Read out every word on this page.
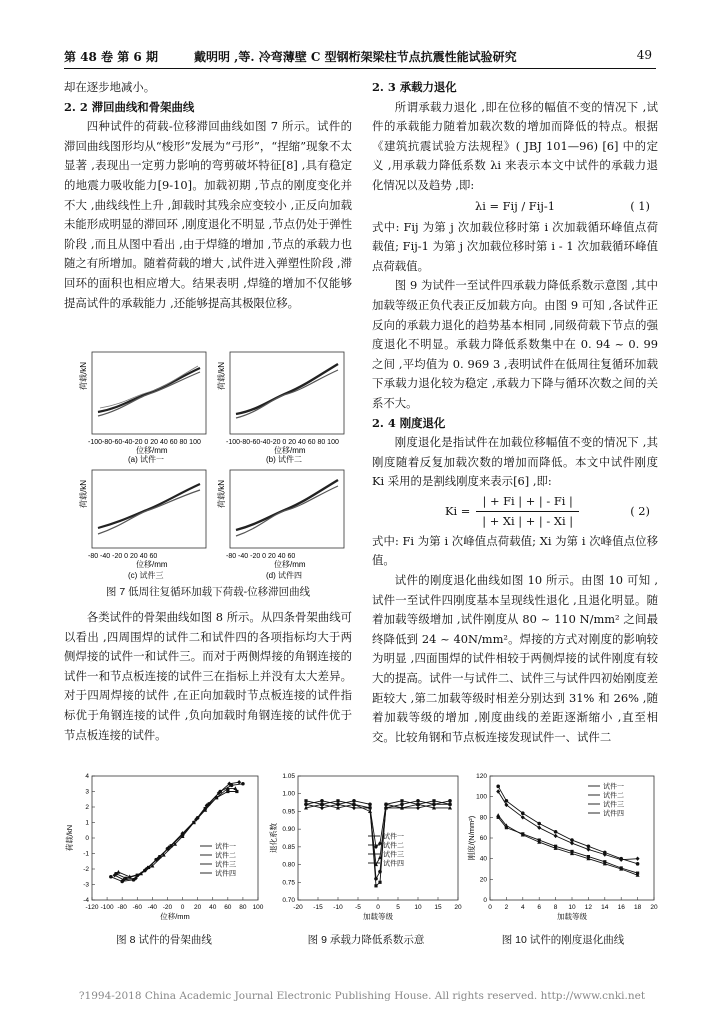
第 48 卷 第 6 期	戴明明 ,等. 冷弯薄壁 C 型钢桁架梁柱节点抗震性能试验研究	49

却在逐步地减小。

2. 2 滞回曲线和骨架曲线

四种试件的荷载-位移滞回曲线如图 7 所示。试件的滞回曲线图形均从“梭形”发展为“弓形”，“捏缩”现象不太显著 ,表现出一定剪力影响的弯剪破坏特征[8] ,具有稳定的地震力吸收能力[9-10]。加载初期 ,节点的刚度变化并不大 ,曲线线性上升 ,卸载时其残余应变较小 ,正反向加载未能形成明显的滞回环 ,刚度退化不明显 ,节点仍处于弹性阶段 ,而且从图中看出 ,由于焊缝的增加 ,节点的承载力也随之有所增加。随着荷载的增大 ,试件进入弹塑性阶段 ,滞回环的面积也相应增大。结果表明 ,焊缝的增加不仅能够提高试件的承载能力 ,还能够提高其极限位移。

荷载/kN	荷载/kN
-100-80-60-40-20 0 20 40 60 80 100	-100-80-60-40-20 0 20 40 60 80 100
位移/mm	位移/mm
(a) 试件一	(b) 试件二
荷载/kN	荷载/kN
-80 -40 -20 0 20 40 60	-80 -40 -20 0 20 40 60
位移/mm	位移/mm
(c) 试件三	(d) 试件四
图 7 低周往复循环加载下荷载-位移滞回曲线

各类试件的骨架曲线如图 8 所示。从四条骨架曲线可以看出 ,四周围焊的试件二和试件四的各项指标均大于两侧焊接的试件一和试件三。而对于两侧焊接的角钢连接的试件一和节点板连接的试件三在指标上并没有太大差异。对于四周焊接的试件 ,在正向加载时节点板连接的试件指标优于角钢连接的试件 ,负向加载时角钢连接的试件优于节点板连接的试件。

2. 3 承载力退化

所谓承载力退化 ,即在位移的幅值不变的情况下 ,试件的承载能力随着加载次数的增加而降低的特点。根据《建筑抗震试验方法规程》( JBJ 101—96) [6] 中的定义 ,用承载力降低系数 λi 来表示本文中试件的承载力退化情况以及趋势 ,即:

λi = Fij / Fij-1	( 1)

式中: Fij 为第 j 次加载位移时第 i 次加载循环峰值点荷载值; Fij-1 为第 j 次加载位移时第 i - 1 次加载循环峰值点荷载值。

图 9 为试件一至试件四承载力降低系数示意图 ,其中加载等级正负代表正反加载方向。由图 9 可知 ,各试件正反向的承载力退化的趋势基本相同 ,同级荷载下节点的强度退化不明显。承载力降低系数集中在 0. 94 ~ 0. 99 之间 ,平均值为 0. 969 3 ,表明试件在低周往复循环加载下承载力退化较为稳定 ,承载力下降与循环次数之间的关系不大。

2. 4 刚度退化

刚度退化是指试件在加载位移幅值不变的情况下 ,其刚度随着反复加载次数的增加而降低。本文中试件刚度 Ki 采用的是割线刚度来表示[6] ,即:

$Ki = \frac{| + Fi | + | - Fi |}{| + Xi | + | - Xi |}$	( 2)

式中: Fi 为第 i 次峰值点荷载值; Xi 为第 i 次峰值点位移值。

试件的刚度退化曲线如图 10 所示。由图 10 可知 ,试件一至试件四刚度基本呈现线性退化 ,且退化明显。随着加载等级增加 ,试件刚度从 80 ~ 110 N/mm² 之间最终降低到 24 ~ 40N/mm²。焊接的方式对刚度的影响较为明显 ,四面围焊的试件相较于两侧焊接的试件刚度有较大的提高。试件一与试件二、试件三与试件四初始刚度差距较大 ,第二加载等级时相差分别达到 31% 和 26% ,随着加载等级的增加 ,刚度曲线的差距逐渐缩小 ,直至相交。比较角钢和节点板连接发现试件一、试件二

-120 -100 -80 -60 -40 -20 0 20 40 60 80 100
-4
-3
-2
-1
0
1
2
3
4
位移/mm
荷载/kN	试件一
试件二
试件三
试件四
-20 -15 -10 -5 0	5 10 15 20
0.70
0.75
0.80
0.85
0.90
0.95
1.00
1.05
加载等级
退化系数	试件一
试件二
试件三
试件四
0 2 4 6 8 10 12 14 16 18 20
0
20
40
60
80
100
120
加载等级
刚度/(N/mm²)
试件一
试件二
试件三
试件四
图 8 试件的骨架曲线	图 9 承载力降低系数示意	图 10 试件的刚度退化曲线
?1994-2018 China Academic Journal Electronic Publishing House. All rights reserved. http://www.cnki.net
